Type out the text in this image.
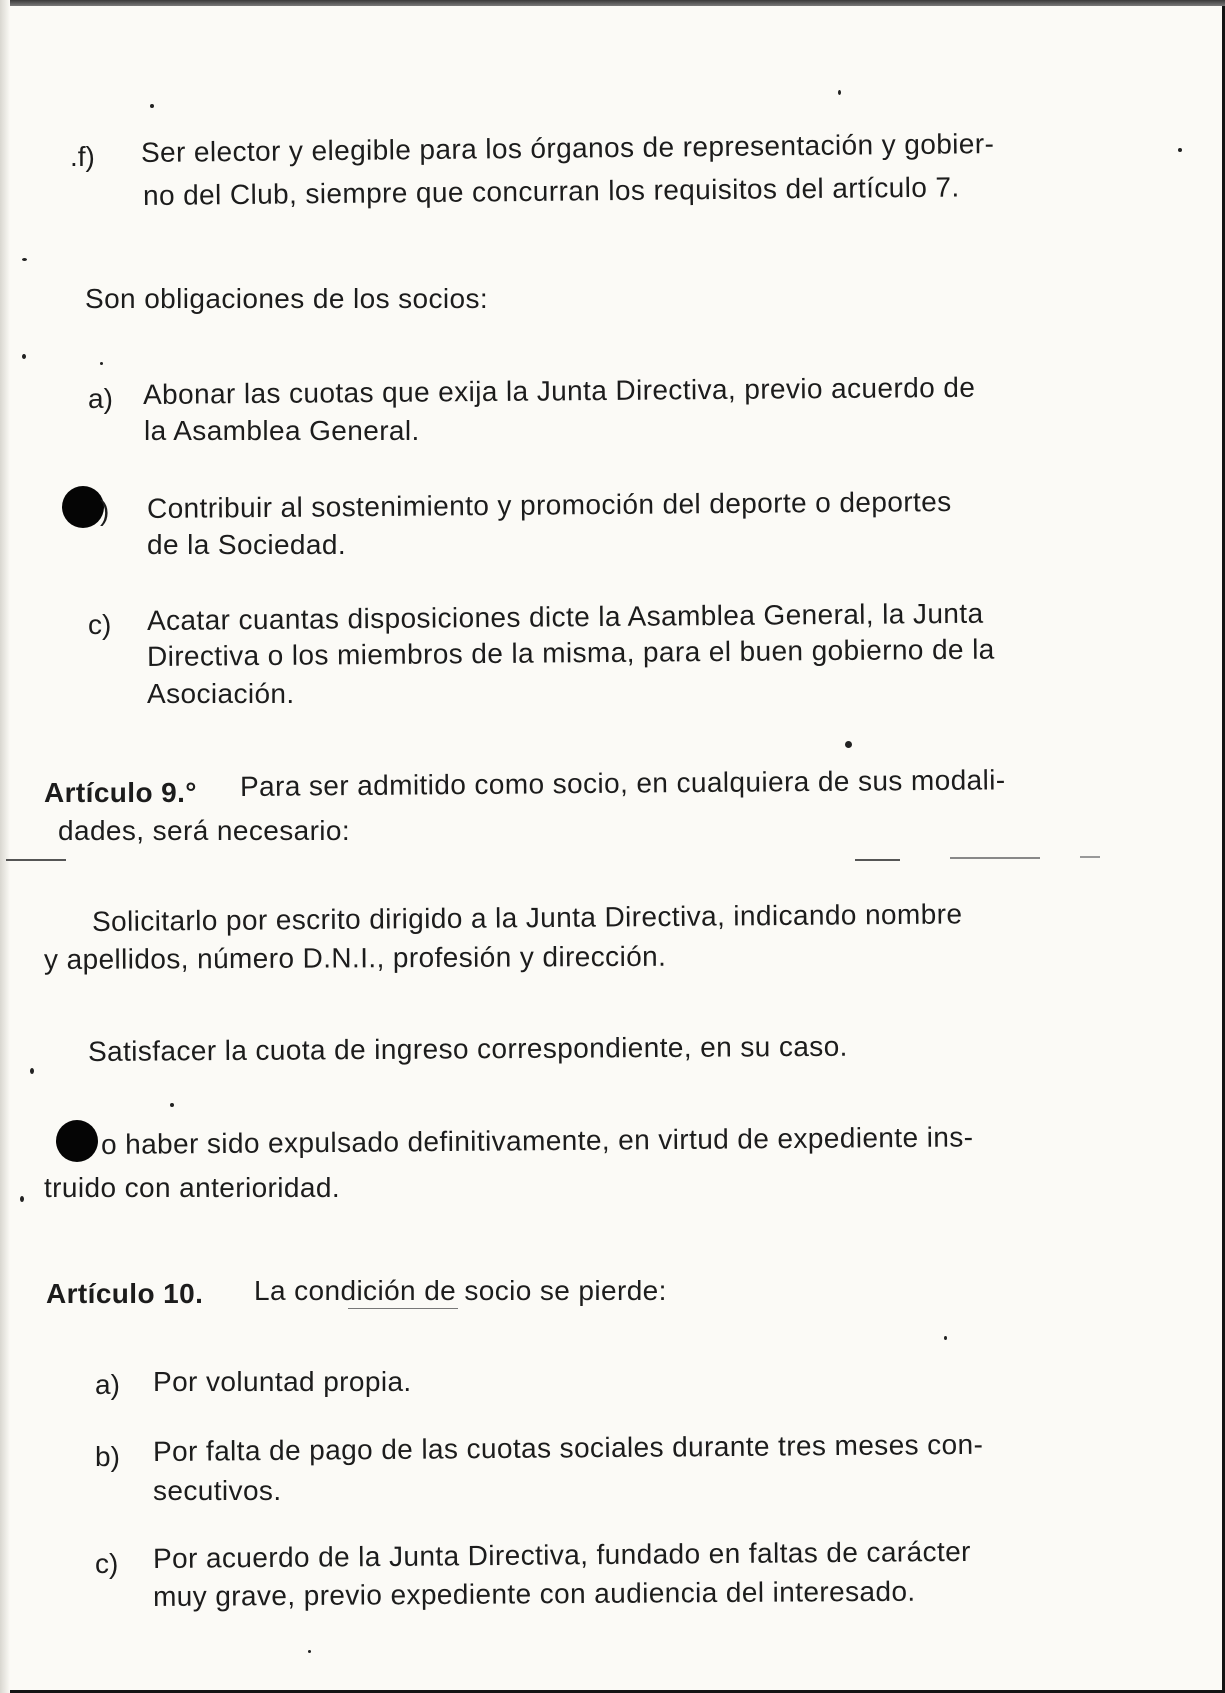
.f) Ser elector y elegible para los órganos de representación y gobier-
no del Club, siempre que concurran los requisitos del artículo 7.
Son obligaciones de los socios:
a) Abonar las cuotas que exija la Junta Directiva, previo acuerdo de
la Asamblea General.
) Contribuir al sostenimiento y promoción del deporte o deportes
de la Sociedad.
c) Acatar cuantas disposiciones dicte la Asamblea General, la Junta
Directiva o los miembros de la misma, para el buen gobierno de la
Asociación.
Artículo 9.° Para ser admitido como socio, en cualquiera de sus modali-
dades, será necesario:
Solicitarlo por escrito dirigido a la Junta Directiva, indicando nombre
y apellidos, número D.N.I., profesión y dirección.
Satisfacer la cuota de ingreso correspondiente, en su caso.
o haber sido expulsado definitivamente, en virtud de expediente ins-
truido con anterioridad.
Artículo 10. La condición de socio se pierde:
a) Por voluntad propia.
b) Por falta de pago de las cuotas sociales durante tres meses con-
secutivos.
c) Por acuerdo de la Junta Directiva, fundado en faltas de carácter
muy grave, previo expediente con audiencia del interesado.
